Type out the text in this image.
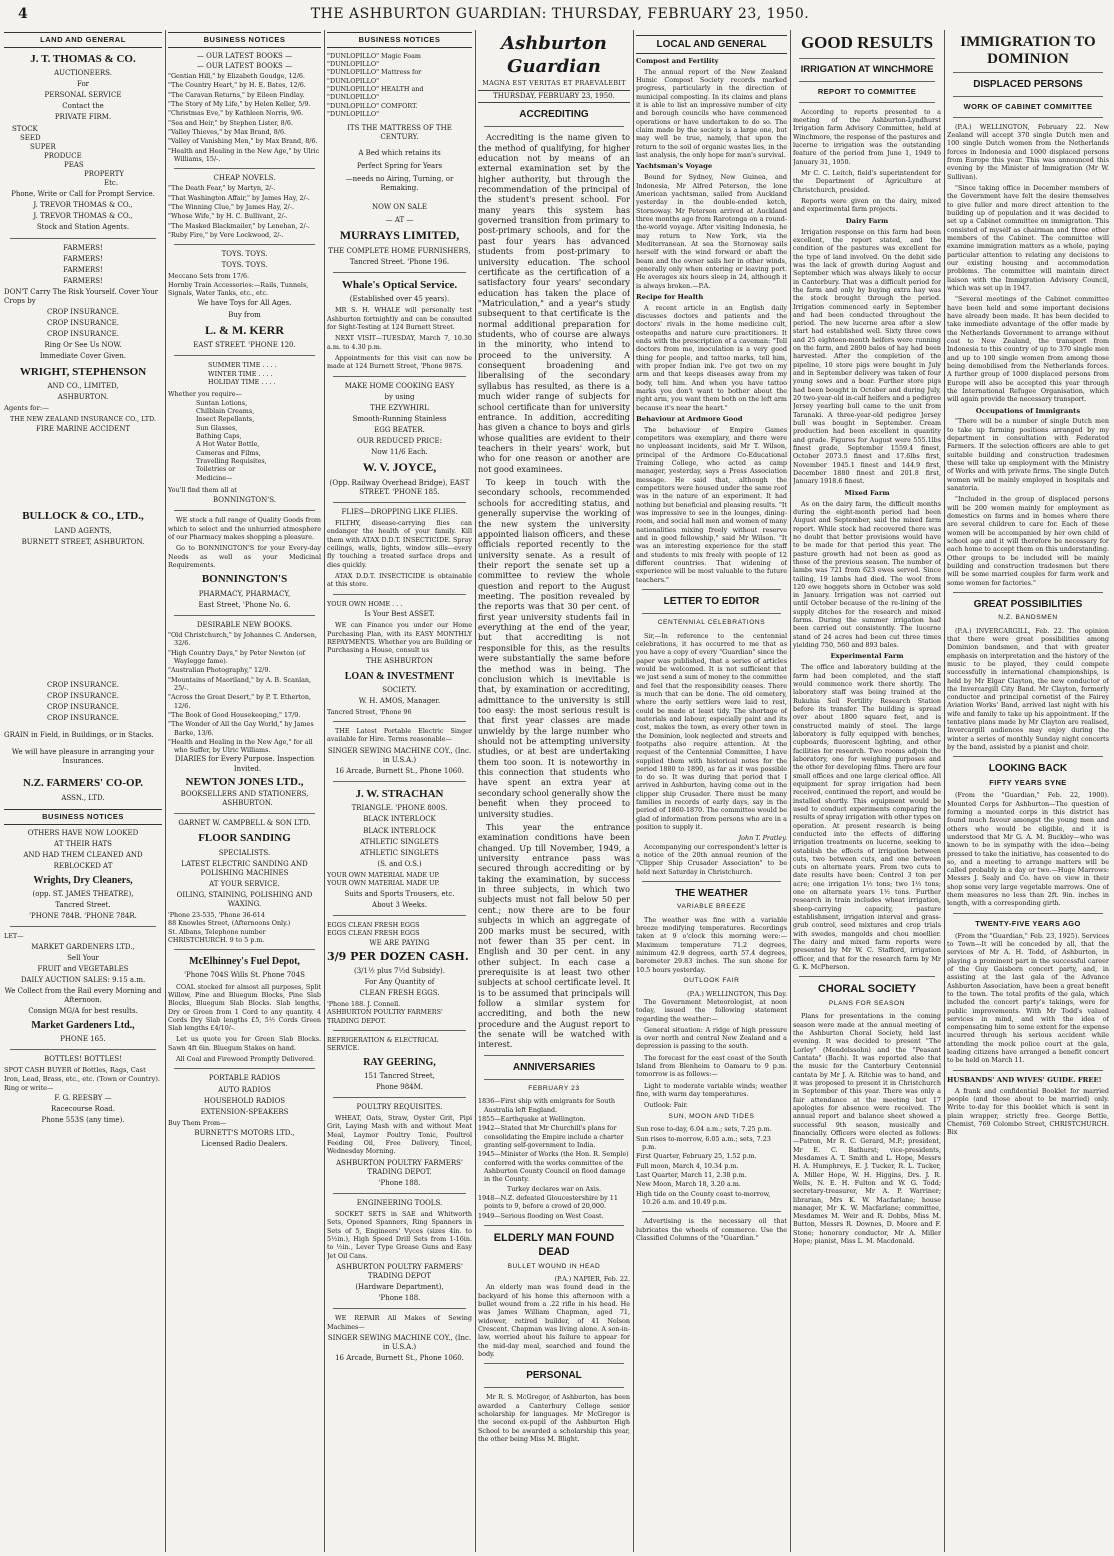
4	THE ASHBURTON GUARDIAN: THURSDAY, FEBRUARY 23, 1950.
LAND AND GENERAL
J. T. THOMAS & CO.
AUCTIONEERS.
For
PERSONAL SERVICE
Contact the
PRIVATE FIRM.
STOCK
SEED
SUPER
PRODUCE
PEAS
PROPERTY
Etc.
Phone, Write or Call for Prompt Service.
J. TREVOR THOMAS & CO.,
J. TREVOR THOMAS & CO.,
Stock and Station Agents.
FARMERS!
FARMERS!
FARMERS!
FARMERS!
DON'T Carry The Risk Yourself. Cover Your Crops by
CROP INSURANCE.
CROP INSURANCE.
CROP INSURANCE.
Ring Or See Us NOW.
Immediate Cover Given.
WRIGHT, STEPHENSON
AND CO., LIMITED,
ASHBURTON.
Agents for:—
THE NEW ZEALAND INSURANCE CO., LTD.
FIRE MARINE ACCIDENT
BULLOCK & CO., LTD.,
LAND AGENTS,
BURNETT STREET, ASHBURTON.
CROP INSURANCE.
CROP INSURANCE.
CROP INSURANCE.
CROP INSURANCE.
GRAIN in Field, in Buildings, or in Stacks.
We will have pleasure in arranging your Insurances.
N.Z. FARMERS' CO-OP.
ASSN., LTD.
BUSINESS NOTICES
OTHERS HAVE NOW LOOKED
AT THEIR HATS
AND HAD THEM CLEANED AND
REBLOCKED AT
Wrights, Dry Cleaners,
(opp. ST. JAMES THEATRE),
Tancred Street.
'PHONE 784R. 'PHONE 784R.
LET—
MARKET GARDENERS LTD.,
Sell Your
FRUIT and VEGETABLES
DAILY AUCTION SALES: 9.15 a.m.
We Collect from the Rail every Morning and Afternoon.
Consign MG/A for best results.
Market Gardeners Ltd.,
PHONE 165.
BOTTLES! BOTTLES!
SPOT CASH BUYER of Bottles, Rags, Cast Iron, Lead, Brass, etc., etc. (Town or Country).
Ring or write—
F. G. REESBY —
Racecourse Road.
Phone 553S (any time).
BUSINESS NOTICES
— OUR LATEST BOOKS —
— OUR LATEST BOOKS —
"Gentian Hill," by Elizabeth Goudge, 12/6.
"The Country Heart," by H. E. Bates, 12/6.
"The Caravan Returns," by Eileen Findlay.
"The Story of My Life," by Helen Keller, 5/9.
"Christmas Eve," by Kathleen Norris, 9/6.
"Sea and Heir," by Stephen Lister, 8/6.
"Valley Thieves," by Max Brand, 8/6.
"Valley of Vanishing Men," by Max Brand, 8/6.
"Health and Healing in the New Age," by Ulric Williams, 15/-.
CHEAP NOVELS.
"The Death Fear," by Martyn, 2/-.
"That Washington Affair," by James Hay, 2/-.
"The Winning Clue," by James Hay, 2/-.
"Whose Wife," by H. C. Bullivant, 2/-.
"The Masked Blackmailer," by Lenehan, 2/-.
"Ruby Fire," by Vere Lockwood, 2/-.
TOYS. TOYS.
TOYS. TOYS.
Meccano Sets from 17/6.
Hornby Train Accessories:—Rails, Tunnels, Signals, Water Tanks, etc., etc.
We have Toys for All Ages.
Buy from
L. & M. KERR
EAST STREET. 'PHONE 120.
SUMMER TIME . . . .
WINTER TIME . . . .
HOLIDAY TIME . . . .
Whether you require—
Suntan Lotions,
Chilblain Creams,
Insect Repellants,
Sun Glasses,
Bathing Caps,
A Hot Water Bottle,
Cameras and Films,
Travelling Requisites,
Toiletries or
Medicine—
You'll find them all at
BONNINGTON'S.

WE stock a full range of Quality Goods from which to select and the unhurried atmosphere of our Pharmacy makes shopping a pleasure.

Go to BONNINGTON'S for your Every-day Needs as well as your Medicinal Requirements.

BONNINGTON'S
PHARMACY, PHARMACY,
East Street, 'Phone No. 6.
DESIRABLE NEW BOOKS.
"Old Christchurch," by Johannes C. Andersen, 32/6.
"High Country Days," by Peter Newton (of Waylegge fame).
"Australian Photography," 12/9.
"Mountains of Maoriland," by A. B. Scanlan, 25/-.
"Across the Great Desert," by P. T. Etherton, 12/6.
"The Book of Good Housekeeping," 17/9.
"The Wonder of All the Gay World," by James Barke, 13/6.
"Health and Healing in the New Age," for all who Suffer, by Ulric Williams.
DIARIES for Every Purpose. Inspection Invited.
NEWTON JONES LTD.,
BOOKSELLERS AND STATIONERS, ASHBURTON.
GARNET W. CAMPBELL & SON LTD.
FLOOR SANDING
SPECIALISTS.
LATEST ELECTRIC SANDING AND POLISHING MACHINES
AT YOUR SERVICE.
OILING, STAINING, POLISHING AND WAXING.
'Phone 23-535, 'Phone 36-614
88 Knowles Street, (Afternoons Only.)
St. Albans, Telephone number
CHRISTCHURCH. 9 to 5 p.m.
McElhinney's Fuel Depot,
'Phone 704S Wills St. Phone 704S

COAL stocked for almost all purposes, Split Willow, Pine and Bluegum Blocks, Pine Slab Blocks, Bluegum Slab Blocks. Slab lengths, Dry or Green from 1 Cord to any quantity. 4 Cords Dry Slab lengths £5, 5½ Cords Green Slab lengths £4/10/-.

Let us quote you for Green Slab Blocks. Sawn 4ft 6in. Bluegum Stakes on hand.

All Coal and Firewood Promptly Delivered.

PORTABLE RADIOS
AUTO RADIOS
HOUSEHOLD RADIOS
EXTENSION-SPEAKERS
Buy Them From—
BURNETT'S MOTORS LTD.,
Licensed Radio Dealers.
BUSINESS NOTICES
"DUNLOPILLO" Magic Foam
"DUNLOPILLO"
"DUNLOPILLO" Mattress for
"DUNLOPILLO"
"DUNLOPILLO" HEALTH and
"DUNLOPILLO"
"DUNLOPILLO" COMFORT.
"DUNLOPILLO"
ITS THE MATTRESS OF THE CENTURY.
A Bed which retains its
Perfect Spring for Years
—needs no Airing, Turning, or Remaking.
NOW ON SALE
— AT —
MURRAYS LIMITED,
THE COMPLETE HOME FURNISHERS,
Tancred Street. 'Phone 196.
Whale's Optical Service.
(Established over 45 years).

MR S. H. WHALE will personally test Ashburton fortnightly and can be consulted for Sight-Testing at 124 Burnett Street.

NEXT VISIT—TUESDAY, March 7, 10.30 a.m. to 4.30 p.m.

Appointments for this visit can now be made at 124 Burnett Street, 'Phone 987S.

MAKE HOME COOKING EASY
by using
THE EZYWHIRL
Smooth-Running Stainless
EGG BEATER.
OUR REDUCED PRICE:
Now 11/6 Each.
W. V. JOYCE,
(Opp. Railway Overhead Bridge), EAST STREET. 'PHONE 185.
FLIES—DROPPING LIKE FLIES.

FILTHY, disease-carrying flies can endanger the health of your family. Kill them with ATAX D.D.T. INSECTICIDE. Spray ceilings, walls, lights, window sills—every fly touching a treated surface drops and dies quickly.

ATAX D.D.T. INSECTICIDE is obtainable at this store.

YOUR OWN HOME . . .
Is Your Best ASSET.

WE can Finance you under our Home Purchasing Plan, with its EASY MONTHLY REPAYMENTS. Whether you are Building or Purchasing a House, consult us

THE ASHBURTON
LOAN & INVESTMENT
SOCIETY.
W. H. AMOS, Manager.
Tancred Street, 'Phone 96

THE Latest Portable Electric Singer available for Hire. Terms reasonable—

SINGER SEWING MACHINE COY., (Inc. in U.S.A.)
16 Arcade, Burnett St., Phone 1060.
J. W. STRACHAN
TRIANGLE. 'PHONE 800S.
BLACK INTERLOCK
BLACK INTERLOCK
ATHLETIC SINGLETS
ATHLETIC SINGLETS
(S. and O.S.)
YOUR OWN MATERIAL MADE UP.
YOUR OWN MATERIAL MADE UP.
Suits and Sports Trousers, etc.
About 3 Weeks.
EGGS CLEAN FRESH EGGS
EGGS CLEAN FRESH EGGS
WE ARE PAYING
3/9 PER DOZEN CASH.
(3/1½ plus 7½d Subsidy).
For Any Quantity of
CLEAN FRESH EGGS.
'Phone 188. J. Connell.
ASHBURTON POULTRY FARMERS' TRADING DEPOT.
REFRIGERATION & ELECTRICAL SERVICE.
RAY GEERING,
151 Tancred Street,
Phone 984M.
POULTRY REQUISITES.

WHEAT, Oats, Straw, Oyster Grit, Pipi Grit, Laying Mash with and without Meat Meal, Laymor Poultry Tonic, Poultrol Feeding Oil, Free Delivery, Tincel, Wednesday Morning.

ASHBURTON POULTRY FARMERS' TRADING DEPOT.
'Phone 188.
ENGINEERING TOOLS.

SOCKET SETS in SAE and Whitworth Sets, Opened Spanners, Ring Spanners in Sets of 5, Engineers' Vyces (sizes 4in. to 5½in.), High Speed Drill Sets from 1-16in. to ½in., Lever Type Grease Guns and Easy Jet Oil Cans.

ASHBURTON POULTRY FARMERS' TRADING DEPOT
(Hardware Department),
'Phone 188.

WE REPAIR All Makes of Sewing Machines—

SINGER SEWING MACHINE COY., (Inc. in U.S.A.)
16 Arcade, Burnett St., Phone 1060.
Ashburton Guardian
MAGNA EST VERITAS ET PRAEVALEBIT
THURSDAY, FEBRUARY 23, 1950.
ACCREDITING

Accrediting is the name given to the method of qualifying, for higher education not by means of an external examination set by the higher authority, but through the recommendation of the principal of the student's present school. For many years this system has governed transition from primary to post-primary schools, and for the past four years has advanced students from post-primary to university education. The school certificate as the certification of a satisfactory four years' secondary education has taken the place of "Matriculation," and a year's study subsequent to that certificate is the normal additional preparation for students, who of course are always in the minority, who intend to proceed to the university. A consequent broadening and liberalising of the secondary syllabus has resulted, as there is a much wider range of subjects for school certificate than for university entrance. In addition, accrediting has given a chance to boys and girls whose qualities are evident to their teachers in their years' work, but who for one reason or another are not good examinees.

To keep in touch with the secondary schools, recommended schools for accrediting status, and generally supervise the working of the new system the university appointed liaison officers, and these officials reported recently to the university senate. As a result of their report the senate set up a committee to review the whole question and report to the August meeting. The position revealed by the reports was that 30 per cent. of first year university students fail in everything at the end of the year, but that accrediting is not responsible for this, as the results were substantially the same before the method was in being. The conclusion which is inevitable is that, by examination or accrediting, admittance to the university is still too easy: the most serious result is that first year classes are made unwieldy by the large number who should not be attempting university studies, or at best are undertaking them too soon. It is noteworthy in this connection that students who have spent an extra year at secondary school generally show the benefit when they proceed to university studies.

This year the entrance examination conditions have been changed. Up till November, 1949, a university entrance pass was secured through accrediting or by taking the examination, by success in three subjects, in which two subjects must not fall below 50 per cent.; now there are to be four subjects in which an aggregate of 200 marks must be secured, with not fewer than 35 per cent. in English and 30 per cent. in any other subject. In each case a prerequisite is at least two other subjects at school certificate level. It is to be assumed that principals will follow a similar system for accrediting, and both the new procedure and the August report to the senate will be watched with interest.

ANNIVERSARIES
FEBRUARY 23
1836—First ship with emigrants for South Australia left England.
1855—Earthquake at Wellington.
1942—Stated that Mr Churchill's plans for consolidating the Empire include a charter granting self-government to India.
1945—Minister of Works (the Hon. R. Semple) conferred with the works committee of the Ashburton County Council on flood damage in the County.
Turkey declares war on Axis.
1948—N.Z. defeated Gloucestershire by 11 points to 9, before a crowd of 20,000.
1949—Serious flooding on West Coast.
ELDERLY MAN FOUND DEAD
BULLET WOUND IN HEAD
(P.A.) NAPIER, Feb. 22.

An elderly man was found dead in the backyard of his home this afternoon with a bullet wound from a .22 rifle in his head. He was James William Chapman, aged 71, widower, retired builder, of 41 Nelson Crescent. Chapman was living alone. A son-in-law, worried about his failure to appear for the mid-day meal, searched and found the body.

PERSONAL

Mr R. S. McGregor, of Ashburton, has been awarded a Canterbury College senior scholarship for languages. Mr McGregor is the second ex-pupil of the Ashburton High School to be awarded a scholarship this year, the other being Miss M. Blight.

LOCAL AND GENERAL
Compost and Fertility

The annual report of the New Zealand Humic Compost Society records marked progress, particularly in the direction of municipal composting. In its claims and plans it is able to list an impressive number of city and borough councils who have commenced operations or have undertaken to do so. The claim made by the society is a large one, but may well be true, namely, that upon the return to the soil of organic wastes lies, in the last analysis, the only hope for man's survival.

Yachtsman's Voyage

Bound for Sydney, New Guinea, and Indonesia, Mr Alfred Peterson, the lone American yachtsman, sailed from Auckland yesterday in the double-ended ketch, Stornoway. Mr Peterson arrived at Auckland three months ago from Rarotonga on a round-the-world voyage. After visiting Indonesia, he may return to New York, via the Mediterranean. At sea the Stornoway sails herself with the wind forward or abaft the beam and the owner sails her in other winds, generally only when entering or leaving port. He averages six hours sleep in 24, although it is always broken.—P.A.

Recipe for Health

A recent article in an English daily discusses doctors and patients and the doctors' rivals in the home medicine cult, osteopaths and nature cure practitioners. It ends with the prescription of a caveman: "Tell doctors from me, inoculation is a very good thing for people, and tattoo marks, tell him, with proper Indian ink. I've got two on my arm and that keeps diseases away from my body, tell him. And when you have tattoo marks you don't want to bother about the right arm, you want them both on the left arm because it's near the heart."

Behaviour at Ardmore Good

The behaviour of Empire Games competitors was exemplary, and there were no unpleasant incidents, said Mr T. Wilson, principal of the Ardmore Co-Educational Training College, who acted as camp manager, yesterday, says a Press Association message. He said that, although the competitors were housed under the same roof was in the nature of an experiment. It had nothing but beneficial and pleasing results. "It was impressive to see in the lounges, dining-room, and social hall men and women of many nationalities mixing freely without reserve and in good fellowship," said Mr Wilson. "It was an interesting experience for the staff and students to mix freely with people of 12 different countries. That widening of experience will be most valuable to the future teachers."

LETTER TO EDITOR
CENTENNIAL CELEBRATIONS

Sir,—In reference to the centennial celebrations, it has occurred to me that as you have a copy of every "Guardian" since the paper was published, that a series of articles would be welcomed. It is not sufficient that we just send a sum of money to the committee and feel that the responsibility ceases. There is much that can be done. The old cemetery, where the early settlers were laid to rest, could be made at least tidy. The shortage of materials and labour, especially paint and its cost, makes the town, as every other town in the Dominion, look neglected and streets and footpaths also require attention. At the request of the Centennial Committee, I have supplied them with historical notes for the period 1880 to 1890, as far as it was possible to do so. It was during that period that I arrived in Ashburton, having come out in the clipper ship Crusader. There must be many families in records of early days, say in the period of 1860-1870. The committee would be glad of information from persons who are in a position to supply it.

John T. Pratley.

Accompanying our correspondent's letter is a notice of the 20th annual reunion of the "Clipper Ship Crusader Association" to be held next Saturday in Christchurch.

THE WEATHER
VARIABLE BREEZE

The weather was fine with a variable breeze modifying temperatures. Recordings taken at 9 o'clock this morning were:—Maximum temperature 71.2 degrees, minimum 42.9 degrees, earth 57.4 degrees, barometer 29.83 inches. The sun shone for 10.5 hours yesterday.

OUTLOOK FAIR
(P.A.) WELLINGTON, This Day.

The Government Meteorologist, at noon today, issued the following statement regarding the weather:—

General situation: A ridge of high pressure is over north and central New Zealand and a depression is passing to the south.

The forecast for the east coast of the South Island from Blenheim to Oamaru to 9 p.m. tomorrow is as follows:—

Light to moderate variable winds; weather fine, with warm day temperatures.

Outlook: Fair.

SUN, MOON AND TIDES
Sun rose to-day, 6.04 a.m.; sets, 7.25 p.m.
Sun rises to-morrow, 6.05 a.m.; sets, 7.23 p.m.
First Quarter, February 25, 1.52 p.m.
Full moon, March 4, 10.34 p.m.
Last Quarter, March 11, 2.38 p.m.
New Moon, March 18, 3.20 a.m.
High tide on the County coast to-morrow, 10.26 a.m. and 10.49 p.m.

Advertising is the necessary oil that lubricates the wheels of commerce. Use the Classified Columns of the "Guardian."

GOOD RESULTS
IRRIGATION AT WINCHMORE
REPORT TO COMMITTEE

According to reports presented to a meeting of the Ashburton-Lyndhurst Irrigation farm Advisory Committee, held at Winchmore, the response of the pastures and lucerne to irrigation was the outstanding feature of the period from June 1, 1949 to January 31, 1950.

Mr C. C. Leitch, field's superintendent for the Department of Agriculture at Christchurch, presided.

Reports were given on the dairy, mixed and experimental farm projects.

Dairy Farm

Irrigation response on this farm had been excellent, the report stated, and the condition of the pastures was excellent for the type of land involved. On the debit side was the lack of growth during August and September which was always likely to occur in Canterbury. That was a difficult period for the farm and only by buying extra hay was the stock brought through the period. Irrigation commenced early in September and had been conducted throughout the period. The new lucerne area after a slow start had established well. Sixty three cows and 25 eighteen-month heifers were running on the farm, and 2800 bales of hay had been harvested. After the completion of the pipeline, 10 store pigs were bought in July and in September delivery was taken of four young sows and a boar. Further store pigs had been bought in October and during July, 20 two-year-old in-calf heifers and a pedigree Jersey yearling bull came to the unit from Taranaki. A three-year-old pedigree Jersey bull was bought in September. Cream production had been excellent in quantity and grade. Figures for August were 555.1lbs finest grade, September 1559.4 finest, October 2073.5 finest and 17.6lbs first, November 1945.1 finest and 144.9 first, December 1880 finest and 201.8 first, January 1918.6 finest.

Mixed Farm

As on the dairy farm, the difficult months during the eight-month period had been August and September, said the mixed farm report. While stock had recovered there was no doubt that better provisions would have to be made for that period this year. The pasture growth had not been as good as those of the previous season. The number of lambs was 721 from 623 ewes served. Since tailing, 19 lambs had died. The wool from 120 ewe hoggets shorn in October was sold in January. Irrigation was not carried out until October because of the re-lining of the supply ditches for the research and mixed farms. During the summer irrigation had been carried out consistently. The lucerne stand of 24 acres had been cut three times yielding 750, 560 and 893 bales.

Experimental Farm

The office and laboratory building at the farm had been completed, and the staff would commence work there shortly. The laboratory staff was being trained at the Rukuhia Soil Fertility Research Station before its transfer. The building is spread over about 1800 square feet, and is constructed mainly of steel. The large laboratory is fully equipped with benches, cupboards, fluorescent lighting, and other facilities for research. Two rooms adjoin the laboratory, one for weighing purposes and the other for developing films. There are four small offices and one large clerical office. All equipment for spray irrigation had been received, continued the report, and would be installed shortly. This equipment would be used to conduct experiments comparing the results of spray irrigation with other types on operation. At present research is being conducted into the effects of differing irrigation treatments on lucerne, seeking to establish the effects of irrigation between cuts, two between cuts, and one between cuts on alternate years. From two cuts to date results have been: Control 3 ton per acre; one irrigation 1½ tons; two 1½ tons; one on alternate years 1½ tons. Further research in train includes wheat irrigation, sheep-carrying capacity, pasture establishment, irrigation interval and grass-grub control, seed mixtures and crop trials with swedes, mangolds and chou moellier. The dairy and mixed farm reports were presented by Mr W. C. Stafford, irrigation officer, and that for the research farm by Mr G. K. McPherson.

CHORAL SOCIETY
PLANS FOR SEASON

Plans for presentations in the coming season were made at the annual meeting of the Ashburton Choral Society, held last evening. It was decided to present "The Lorley" (Mendelssohn) and the "Peasant Cantata" (Bach). It was reported also that the music for the Canterbury Centennial cantata by Mr J. A. Ritchie was to hand, and it was proposed to present it in Christchurch in September of this year. There was only a fair attendance at the meeting but 17 apologies for absence were received. The annual report and balance sheet showed a successful 9th season, musically and financially. Officers were elected as follows:—Patron, Mr R. C. Gerard, M.P.; president, Mr E. C. Bathurst; vice-presidents, Mesdames A. T. Smith and L. Hope, Messrs H. A. Humphreys, E. J. Tucker, R. L. Tucker, A. Miller Hope, W. H. Higgins, Drs. J. R. Wells, N. E. H. Fulton and W. G. Todd; secretary-treasurer, Mr A. P. Warriner; librarian, Mrs K. W. Macfarlane; house manager, Mr K. W. Macfarlane; committee, Mesdames M. Weir and R. Dobbs, Miss M. Button, Messrs R. Downes, D. Moore and F. Stone; honorary conductor, Mr A. Miller Hope; pianist, Miss L. M. Macdonald.

IMMIGRATION TO DOMINION
DISPLACED PERSONS
WORK OF CABINET COMMITTEE

(P.A.) WELLINGTON, February 22. New Zealand will accept 370 single Dutch men and 100 single Dutch women from the Netherlands forces in Indonesia and 1000 displaced persons from Europe this year. This was announced this evening by the Minister of Immigration (Mr W. Sullivan).

"Since taking office in December members of the Government have felt the desire themselves to give fuller and more direct attention to the building up of population and it was decided to set up a Cabinet committee on immigration. This consisted of myself as chairman and three other members of the Cabinet. The committee will examine immigration matters as a whole, paying particular attention to relating any decisions to our existing housing and accommodation problems. The committee will maintain direct liaison with the Immigration Advisory Council, which was set up in 1947.

"Several meetings of the Cabinet committee have been held and some important decisions have already been made. It has been decided to take immediate advantage of the offer made by the Netherlands Government to arrange without cost to New Zealand, the transport from Indonesia to this country of up to 370 single men and up to 100 single women from among those being demobilised from the Netherlands forces. A further group of 1000 displaced persons from Europe will also be accepted this year through the International Refugee Organisation, which will again provide the necessary transport.

Occupations of Immigrants

"There will be a number of single Dutch men to take up farming positions arranged by my department in consultation with Federated Farmers. If the selection officers are able to get suitable building and construction tradesmen these will take up employment with the Ministry of Works and with private firms. The single Dutch women will be mainly employed in hospitals and sanatoria.

"Included in the group of displaced persons will be 200 women mainly for employment as domestics on farms and in homes where there are several children to care for. Each of these women will be accompanied by her own child of school age and it will therefore be necessary for each home to accept them on this understanding. Other groups to be included will be mainly building and construction tradesmen but there will be some married couples for farm work and some women for factories."

GREAT POSSIBILITIES
N.Z. BANDSMEN

(P.A.) INVERCARGILL, Feb. 22. The opinion that there were great possibilities among Dominion bandsmen, and that with greater emphasis on interpretation and the history of the music to be played, they could compete successfully in international championships, is held by Mr Elgar Clayton, the new conductor of the Invercargill City Band. Mr Clayton, formerly conductor and principal cornetist of the Fairey Aviation Works' Band, arrived last night with his wife and family to take up his appointment. If the tentative plans made by Mr Clayton are realised, Invercargill audiences may enjoy during the winter a series of monthly Sunday night concerts by the band, assisted by a pianist and choir.

LOOKING BACK
FIFTY YEARS SYNE

(From the "Guardian," Feb. 22, 1900). Mounted Corps for Ashburton—The question of forming a mounted corps in this district has found much favour amongst the young men and others who would be eligible, and it is understood that Mr G. A. M. Buckley—who was known to be in sympathy with the idea—being pressed to take the initiative, has consented to do so, and a meeting to arrange matters will be called probably in a day or two.—Huge Marrows: Messrs J. Sealy and Co. have on view in their shop some very large vegetable marrows. One of them measures no less than 2ft. 9in. inches in length, with a corresponding girth.

TWENTY-FIVE YEARS AGO

(From the "Guardian," Feb. 23, 1925). Services to Town—It will be conceded by all, that the services of Mr A. H. Todd, of Ashburton, in playing a prominent part in the successful career of the Guy Gaisborn concert party, and, in assisting at the last gala of the Advance Ashburton Association, have been a great benefit to the town. The total profits of the gala, which included the concert party's takings, were for public improvements. With Mr Todd's valued services in mind, and with the idea of compensating him to some extent for the expense incurred through his serious accident while attending the mock police court at the gala, leading citizens have arranged a benefit concert to be held on March 11.

HUSBANDS' AND WIVES' GUIDE. FREE!

A frank and confidential Booklet for married people (and those about to be married) only. Write to-day for this booklet which is sent in plain wrapper, strictly free. George Bettle, Chemist, 769 Colombo Street, CHRISTCHURCH. Bix
